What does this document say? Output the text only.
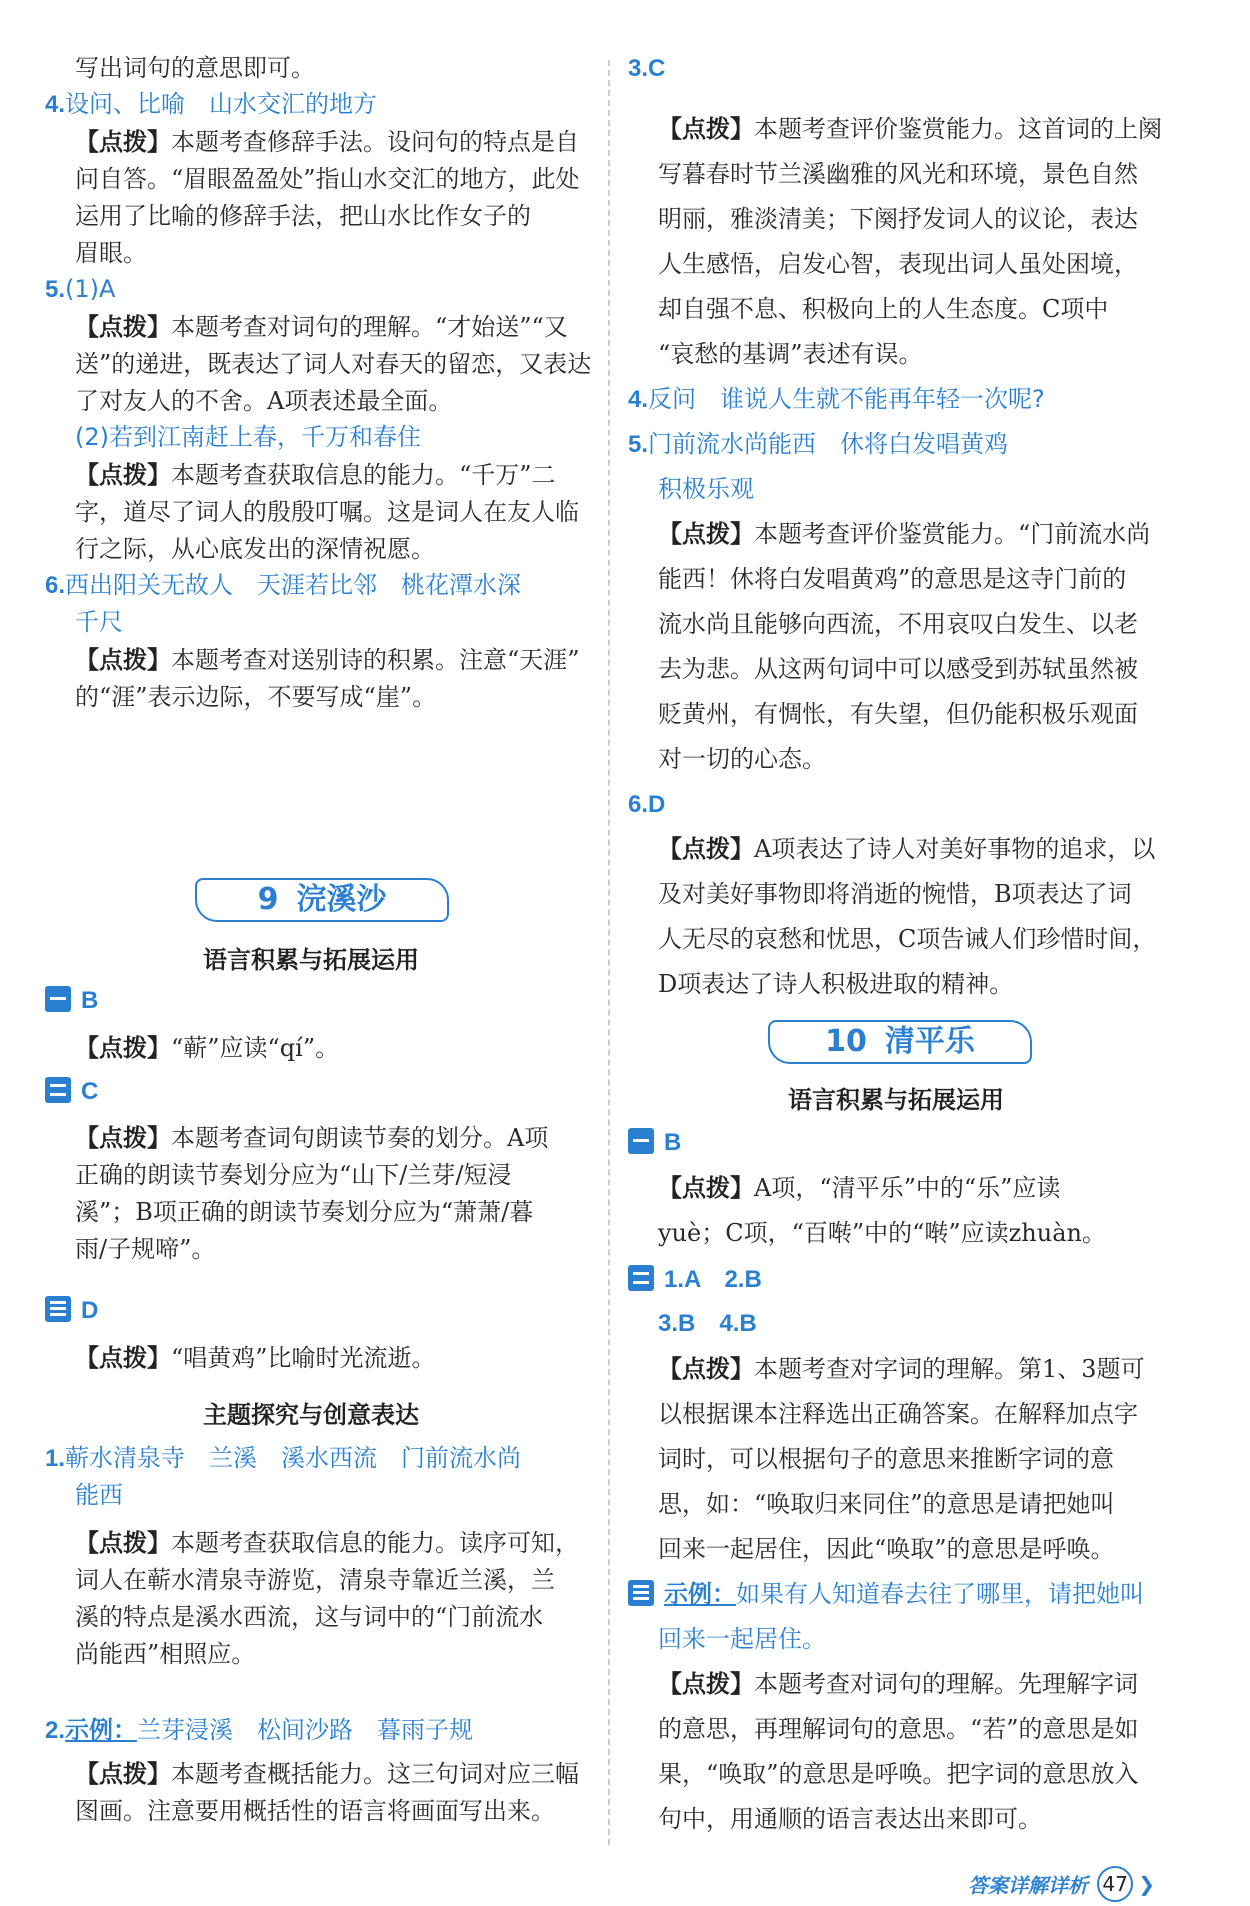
写出词句的意思即可。
4.设问、比喻　山水交汇的地方
【点拨】本题考查修辞手法。设问句的特点是自
问自答。“眉眼盈盈处”指山水交汇的地方，此处
运用了比喻的修辞手法，把山水比作女子的
眉眼。
5.(1)A
【点拨】本题考查对词句的理解。“才始送”“又
送”的递进，既表达了词人对春天的留恋，又表达
了对友人的不舍。A项表述最全面。
(2)若到江南赶上春，千万和春住
【点拨】本题考查获取信息的能力。“千万”二
字，道尽了词人的殷殷叮嘱。这是词人在友人临
行之际，从心底发出的深情祝愿。
6.西出阳关无故人　天涯若比邻　桃花潭水深
千尺
【点拨】本题考查对送别诗的积累。注意“天涯”
的“涯”表示边际，不要写成“崖”。
9 浣溪沙
语言积累与拓展运用
B
【点拨】“蕲”应读“qí”。
C
【点拨】本题考查词句朗读节奏的划分。A项
正确的朗读节奏划分应为“山下/兰芽/短浸
溪”；B项正确的朗读节奏划分应为“萧萧/暮
雨/子规啼”。
D
【点拨】“唱黄鸡”比喻时光流逝。
主题探究与创意表达
1.蕲水清泉寺　兰溪　溪水西流　门前流水尚
能西
【点拨】本题考查获取信息的能力。读序可知，
词人在蕲水清泉寺游览，清泉寺靠近兰溪，兰
溪的特点是溪水西流，这与词中的“门前流水
尚能西”相照应。
2.示例：兰芽浸溪　松间沙路　暮雨子规
【点拨】本题考查概括能力。这三句词对应三幅
图画。注意要用概括性的语言将画面写出来。
3.C
【点拨】本题考查评价鉴赏能力。这首词的上阕
写暮春时节兰溪幽雅的风光和环境，景色自然
明丽，雅淡清美；下阕抒发词人的议论，表达
人生感悟，启发心智，表现出词人虽处困境，
却自强不息、积极向上的人生态度。C项中
“哀愁的基调”表述有误。
4.反问　谁说人生就不能再年轻一次呢?
5.门前流水尚能西　休将白发唱黄鸡
积极乐观
【点拨】本题考查评价鉴赏能力。“门前流水尚
能西！休将白发唱黄鸡”的意思是这寺门前的
流水尚且能够向西流，不用哀叹白发生、以老
去为悲。从这两句词中可以感受到苏轼虽然被
贬黄州，有惆怅，有失望，但仍能积极乐观面
对一切的心态。
6.D
【点拨】A项表达了诗人对美好事物的追求，以
及对美好事物即将消逝的惋惜，B项表达了词
人无尽的哀愁和忧思，C项告诫人们珍惜时间，
D项表达了诗人积极进取的精神。
10 清平乐
语言积累与拓展运用
B
【点拨】A项，“清平乐”中的“乐”应读
yuè；C项，“百啭”中的“啭”应读zhuàn。
1.A　2.B
3.B　4.B
【点拨】本题考查对字词的理解。第1、3题可
以根据课本注释选出正确答案。在解释加点字
词时，可以根据句子的意思来推断字词的意
思，如：“唤取归来同住”的意思是请把她叫
回来一起居住，因此“唤取”的意思是呼唤。
示例：如果有人知道春去往了哪里，请把她叫
回来一起居住。
【点拨】本题考查对词句的理解。先理解字词
的意思，再理解词句的意思。“若”的意思是如
果，“唤取”的意思是呼唤。把字词的意思放入
句中，用通顺的语言表达出来即可。
答案详解详析 47 ❯
